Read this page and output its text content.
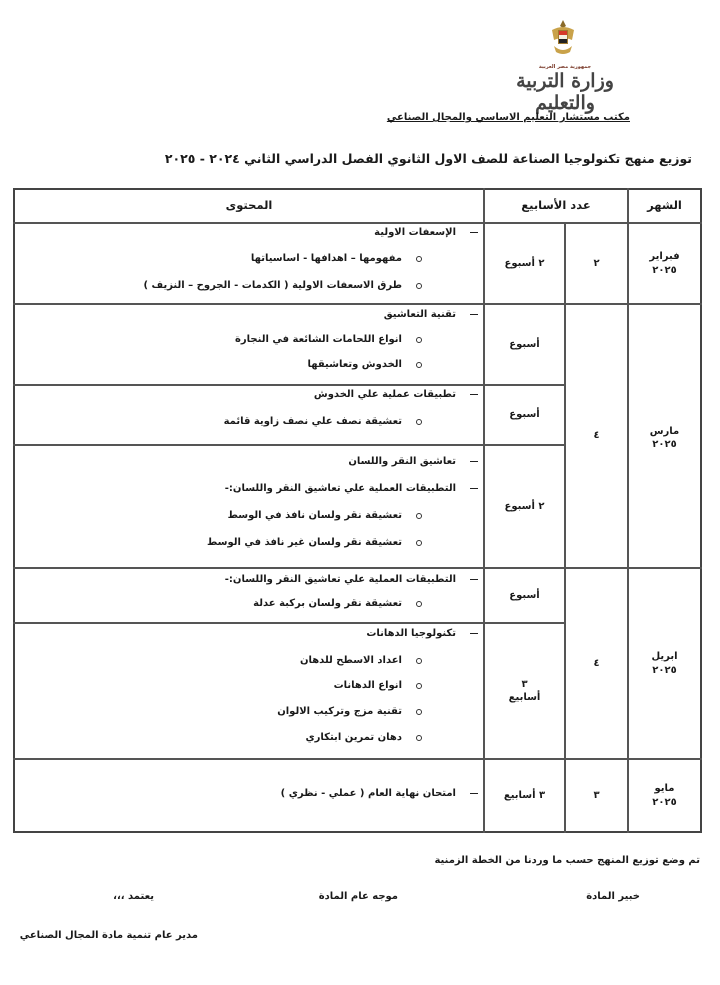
جمهورية مصر العربية
وزارة التربية والتعليم
مكتب مستشار التعليم الاساسي والمجال الصناعي
توزيع منهج تكنولوجيا الصناعة للصف الاول الثانوي الفصل الدراسي الثاني ٢٠٢٤ - ٢٠٢٥
الشهر
عدد الأسابيع
المحتوى
فبراير
٢٠٢٥
٢
٢ أسبوع
الإسعفات الاولية
مفهومها – اهدافها - اساسياتها
طرق الاسعفات الاولية ( الكدمات - الجروح – النزيف )
مارس
٢٠٢٥
٤
أسبوع
تقنية التعاشيق
انواع اللحامات الشائعة في النجارة
الخدوش وتعاشيقها
أسبوع
تطبيقات عملية علي الخدوش
تعشيقة نصف علي نصف زاوية قائمة
٢ أسبوع
تعاشيق النقر واللسان
التطبيقات العملية علي تعاشيق النقر واللسان:-
تعشيقة نقر ولسان نافذ في الوسط
تعشيقة نقر ولسان غير نافذ في الوسط
ابريل
٢٠٢٥
٤
أسبوع
التطبيقات العملية علي تعاشيق النقر واللسان:-
تعشيقة نقر ولسان بركبة عدلة
٣
أسابيع
تكنولوجيا الدهانات
اعداد الاسطح للدهان
انواع الدهانات
تقنية مزج وتركيب الالوان
دهان تمرين ابتكاري
مايو
٢٠٢٥
٣
٣ أسابيع
امتحان نهاية العام ( عملي - نظري )
تم وضع توزيع المنهج حسب ما وردنا من الخطة الزمنية
خبير المادة
موجه عام المادة
يعتمد ،،،
مدير عام تنمية مادة المجال الصناعي
